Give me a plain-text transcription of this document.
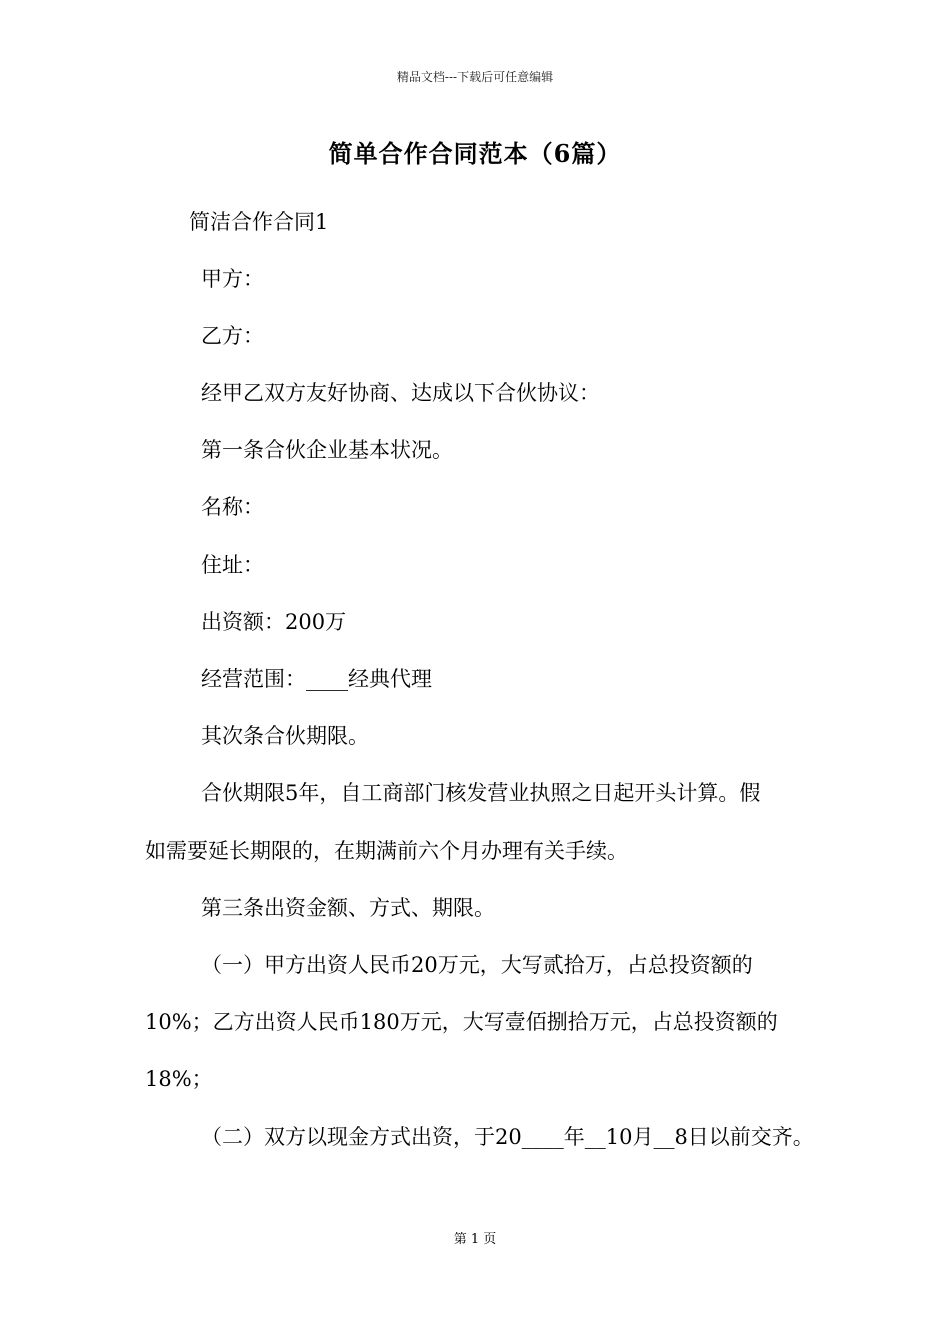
精品文档---下载后可任意编辑
简单合作合同范本（6篇）
简洁合作合同1
甲方：
乙方：
经甲乙双方友好协商、达成以下合伙协议：
第一条合伙企业基本状况。
名称：
住址：
出资额：200万
经营范围：____经典代理
其次条合伙期限。
合伙期限5年，自工商部门核发营业执照之日起开头计算。假
如需要延长期限的，在期满前六个月办理有关手续。
第三条出资金额、方式、期限。
（一）甲方出资人民币20万元，大写贰拾万，占总投资额的
10%；乙方出资人民币180万元，大写壹佰捌拾万元，占总投资额的
18%；
（二）双方以现金方式出资，于20____年__10月__8日以前交齐。
第 1 页
